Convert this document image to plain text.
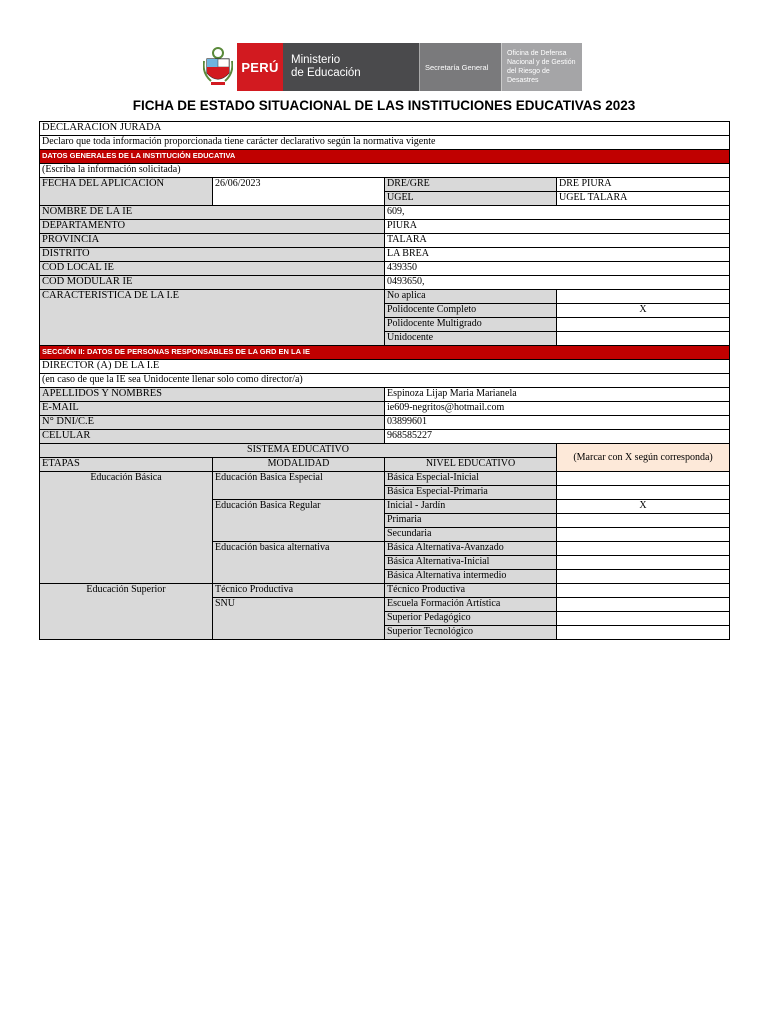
PERÚ	Ministerio
de Educación	Secretaría General
Oficina de Defensa
Nacional y de Gestión
del Riesgo de Desastres
FICHA DE ESTADO SITUACIONAL DE LAS INSTITUCIONES EDUCATIVAS 2023
DECLARACIÓN JURADA			
Declaro que toda información proporcionada tiene carácter declarativo según la normativa vigente			
DATOS GENERALES DE LA INSTITUCIÓN EDUCATIVA			
(Escriba la información solicitada)			
FECHA DEL APLICACIÓN	26/06/2023	DRE/GRE	DRE PIURA
		UGEL	UGEL TALARA
NOMBRE DE LA IE		609,	
DEPARTAMENTO		PIURA	
PROVINCIA		TALARA	
DISTRITO		LA BREA	
COD LOCAL IE		439350	
COD MODULAR IE		0493650,	
CARACTERISTICA DE LA I.E		No aplica	
		Polidocente Completo	X
		Polidocente Multigrado	
		Unidocente	
SECCIÓN II: DATOS DE PERSONAS RESPONSABLES DE LA GRD EN LA IE			
DIRECTOR (A) DE LA I.E			
(en caso de que la IE sea Unidocente llenar solo como director/a)			
APELLIDOS Y NOMBRES		Espinoza Lijap Maria Marianela	
E-MAIL		ie609-negritos@hotmail.com	
N° DNI/C.E		03899601	
CELULAR		968585227	
SISTEMA EDUCATIVO			(Marcar con X según corresponda)
ETAPAS	MODALIDAD	NIVEL EDUCATIVO	
Educación Básica	Educación Basica Especial	Básica Especial-Inicial	
		Básica Especial-Primaria	
	Educación Basica Regular	Inicial - Jardín	X
		Primaria	
		Secundaria	
	Educación basica alternativa	Básica Alternativa-Avanzado	
		Básica Alternativa-Inicial	
		Básica Alternativa intermedio	
Educación Superior	Técnico Productiva	Técnico Productiva	
	SNU	Escuela Formación Artística	
		Superior Pedagógico	
		Superior Tecnológico	
